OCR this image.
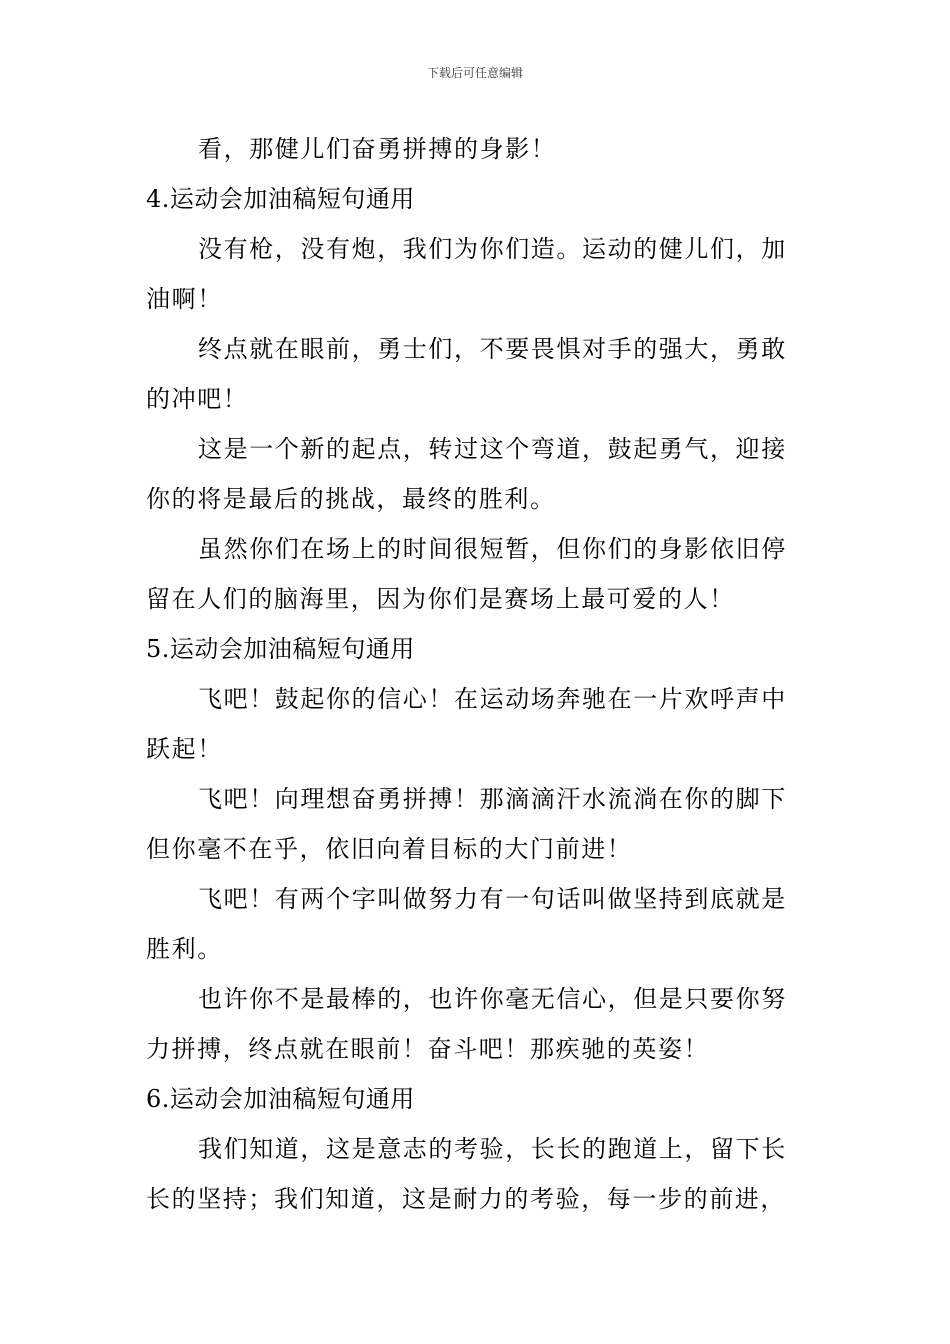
下载后可任意编辑

看，那健儿们奋勇拼搏的身影！

4.运动会加油稿短句通用

没有枪，没有炮，我们为你们造。运动的健儿们，加

油啊！

终点就在眼前，勇士们，不要畏惧对手的强大，勇敢

的冲吧！

这是一个新的起点，转过这个弯道，鼓起勇气，迎接

你的将是最后的挑战，最终的胜利。

虽然你们在场上的时间很短暂，但你们的身影依旧停

留在人们的脑海里，因为你们是赛场上最可爱的人！

5.运动会加油稿短句通用

飞吧！鼓起你的信心！在运动场奔驰在一片欢呼声中

跃起！

飞吧！向理想奋勇拼搏！那滴滴汗水流淌在你的脚下

但你毫不在乎，依旧向着目标的大门前进！

飞吧！有两个字叫做努力有一句话叫做坚持到底就是

胜利。

也许你不是最棒的，也许你毫无信心，但是只要你努

力拼搏，终点就在眼前！奋斗吧！那疾驰的英姿！

6.运动会加油稿短句通用

我们知道，这是意志的考验，长长的跑道上，留下长

长的坚持；我们知道，这是耐力的考验，每一步的前进，
